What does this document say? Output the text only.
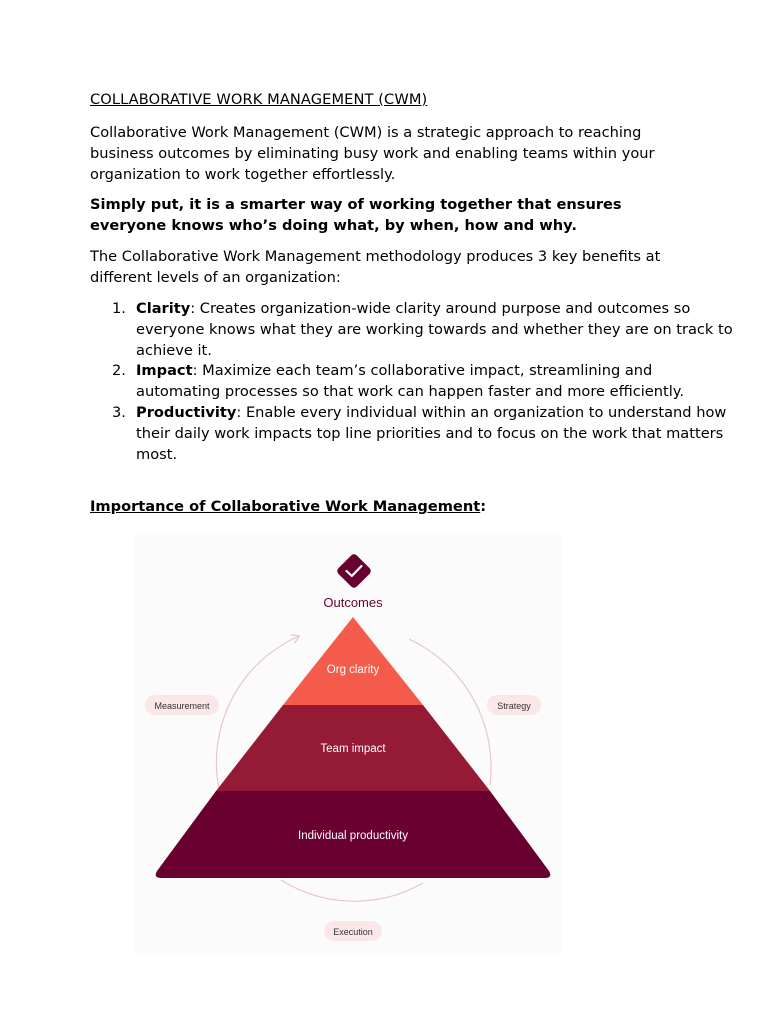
COLLABORATIVE WORK MANAGEMENT (CWM)
Collaborative Work Management (CWM) is a strategic approach to reaching business outcomes by eliminating busy work and enabling teams within your organization to work together effortlessly.
Simply put, it is a smarter way of working together that ensures everyone knows who’s doing what, by when, how and why.
The Collaborative Work Management methodology produces 3 key benefits at different levels of an organization:
1. Clarity: Creates organization-wide clarity around purpose and outcomes so everyone knows what they are working towards and whether they are on track to achieve it.
2. Impact: Maximize each team’s collaborative impact, streamlining and automating processes so that work can happen faster and more efficiently.
3. Productivity: Enable every individual within an organization to understand how their daily work impacts top line priorities and to focus on the work that matters most.
Importance of Collaborative Work Management:
Outcomes
Org clarity
Team impact
Individual productivity
Measurement	Strategy
Execution
